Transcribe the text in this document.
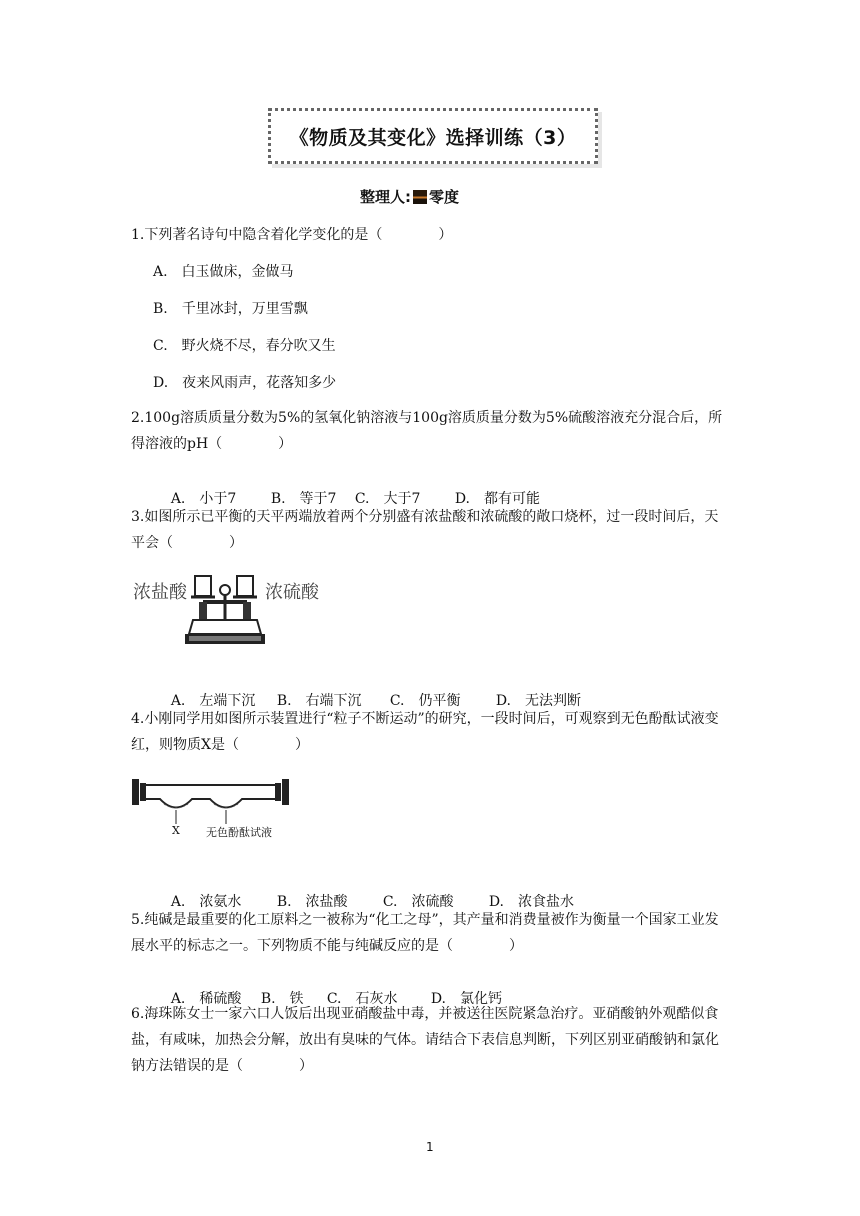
《物质及其变化》选择训练（3）
整理人: 零度
1.下列著名诗句中隐含着化学变化的是（　　　　）
A.　白玉做床，金做马
B.　千里冰封，万里雪飘
C.　野火烧不尽，春分吹又生
D.　夜来风雨声，花落知多少
2.100g溶质质量分数为5%的氢氧化钠溶液与100g溶质质量分数为5%硫酸溶液充分混合后，所得溶液的pH（　　　　）

A.　小于7 B.　等于7 C.　大于7 D.　都有可能

3.如图所示已平衡的天平两端放着两个分别盛有浓盐酸和浓硫酸的敞口烧杯，过一段时间后，天平会（　　　　）
浓盐酸	浓硫酸

A.　左端下沉 B.　右端下沉 C.　仍平衡	D.　无法判断

4.小刚同学用如图所示装置进行“粒子不断运动”的研究，一段时间后，可观察到无色酚酞试液变红，则物质X是（　　　　）
X 无色酚酞试液

A.　浓氨水	B.　浓盐酸	C.　浓硫酸	D.　浓食盐水

5.纯碱是最重要的化工原料之一被称为“化工之母”，其产量和消费量被作为衡量一个国家工业发展水平的标志之一。下列物质不能与纯碱反应的是（　　　　）

A.　稀硫酸 B.　铁 C.　石灰水 D.　氯化钙

6.海珠陈女士一家六口人饭后出现亚硝酸盐中毒，并被送往医院紧急治疗。亚硝酸钠外观酷似食盐，有咸味，加热会分解，放出有臭味的气体。请结合下表信息判断，下列区别亚硝酸钠和氯化钠方法错误的是（　　　　）
1
